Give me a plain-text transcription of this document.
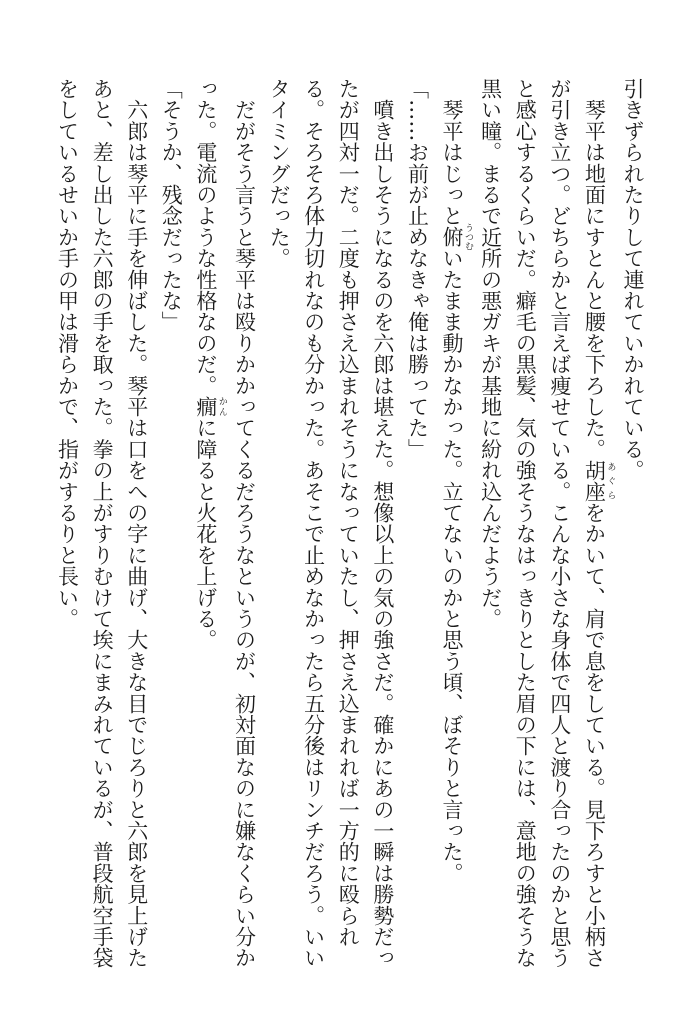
引きずられたりして連れていかれている。
　琴平は地面にすとんと腰を下ろした。胡座 あぐらをかいて、肩で息をしている。見下ろすと小柄さ
が引き立つ。どちらかと言えば痩せている。こんな小さな身体で四人と渡り合ったのかと思う
と感心するくらいだ。癖毛の黒髪、気の強そうなはっきりとした眉の下には、意地の強そうな
黒い瞳。まるで近所の悪ガキが基地に紛れ込んだようだ。
　琴平はじっと俯 うつむいたまま動かなかった。立てないのかと思う頃、ぼそりと言った。
「……お前が止めなきゃ俺は勝ってた」
　噴き出しそうになるのを六郎は堪えた。想像以上の気の強さだ。確かにあの一瞬は勝勢だっ
たが四対一だ。二度も押さえ込まれそうになっていたし、押さえ込まれれば一方的に殴られ
る。そろそろ体力切れなのも分かった。あそこで止めなかったら五分後はリンチだろう。いい
タイミングだった。
　だがそう言うと琴平は殴りかかってくるだろうなというのが、初対面なのに嫌なくらい分か
った。電流のような性格なのだ。癇 かんに障ると火花を上げる。
「そうか、残念だったな」
　六郎は琴平に手を伸ばした。琴平は口をへの字に曲げ、大きな目でじろりと六郎を見上げた
あと、差し出した六郎の手を取った。拳の上がすりむけて埃にまみれているが、普段航空手袋
をしているせいか手の甲は滑らかで、指がするりと長い。
